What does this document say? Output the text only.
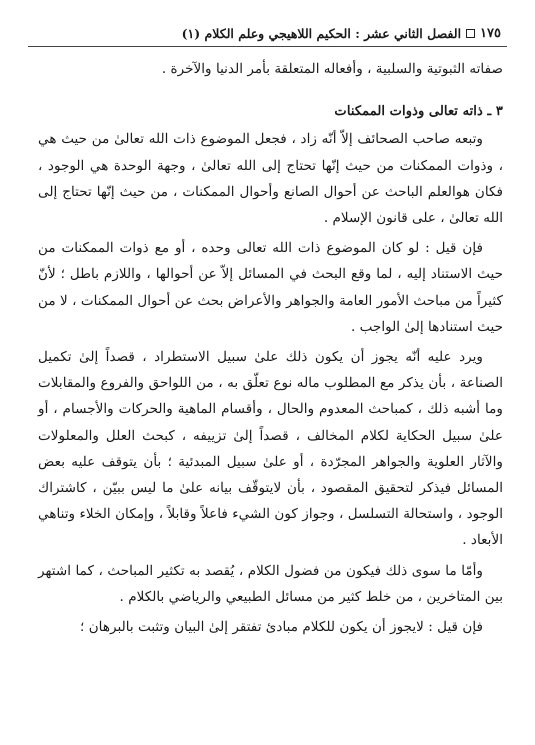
١٧٥
الفصل الثاني عشر : الحكيم اللاهيجي وعلم الكلام (١)

صفاته الثبوتية والسلبية ، وأفعاله المتعلقة بأمر الدنيا والآخرة .

٣ ـ ذاته تعالى وذوات الممكنات

وتبعه صاحب الصحائف إلاّ أنّه زاد ، فجعل الموضوع ذات الله تعالىٰ من حيث هي ، وذوات الممكنات من حيث إنّها تحتاج إلى الله تعالىٰ ، وجهة الوحدة هي الوجود ، فكان هوالعلم الباحث عن أحوال الصانع وأحوال الممكنات ، من حيث إنّها تحتاج إلى الله تعالىٰ ، على قانون الإسلام .

فإن قيل : لو كان الموضوع ذات الله تعالى وحده ، أو مع ذوات الممكنات من حيث الاستناد إليه ، لما وقع البحث في المسائل إلاّ عن أحوالها ، واللازم باطل ؛ لأنّ كثيراً من مباحث الأمور العامة والجواهر والأعراض بحث عن أحوال الممكنات ، لا من حيث استنادها إلىٰ الواجب .

ويرد عليه أنّه يجوز أن يكون ذلك علىٰ سبيل الاستطراد ، قصداً إلىٰ تكميل الصناعة ، بأن يذكر مع المطلوب ماله نوع تعلّق به ، من اللواحق والفروع والمقابلات وما أشبه ذلك ، كمباحث المعدوم والحال ، وأقسام الماهية والحركات والأجسام ، أو علىٰ سبيل الحكاية لكلام المخالف ، قصداً إلىٰ تزييفه ، كبحث العلل والمعلولات والآثار العلوية والجواهر المجرّدة ، أو علىٰ سبيل المبدئية ؛ بأن يتوقف عليه بعض المسائل فيذكر لتحقيق المقصود ، بأن لايتوقّف بيانه علىٰ ما ليس ببيّن ، كاشتراك الوجود ، واستحالة التسلسل ، وجواز كون الشيء فاعلاً وقابلاً ، وإمكان الخلاء وتناهي الأبعاد .

وأمّا ما سوى ذلك فيكون من فضول الكلام ، يُقصد به تكثير المباحث ، كما اشتهر بين المتاخرين ، من خلط كثير من مسائل الطبيعي والرياضي بالكلام .

فإن قيل : لايجوز أن يكون للكلام مبادئ تفتقر إلىٰ البيان وتثبت بالبرهان ؛
